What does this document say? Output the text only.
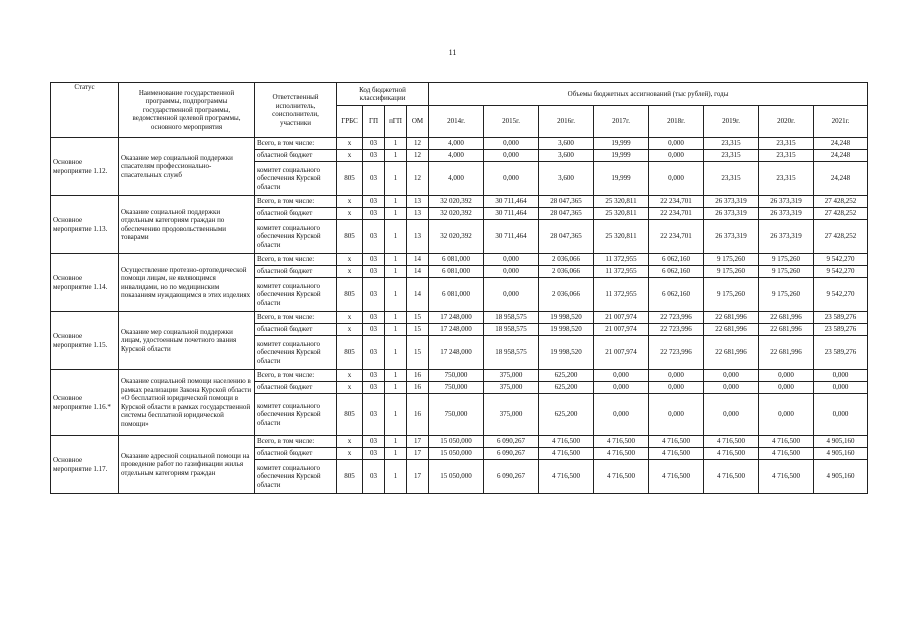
11
Статус	Наименование государственной программы, подпрограммы государственной программы, ведомственной целевой программы, основного мероприятия	Ответственный исполнитель, соисполнители, участники	Код бюджетной классификации				Объемы бюджетных ассигнований (тыс рублей), годы							
			ГРБС	ГП	пГП	ОМ	2014г.	2015г.	2016г.	2017г.	2018г.	2019г.	2020г.	2021г.
Основное мероприятие 1.12.	Оказание мер социальной поддержки спасателям профессионально-спасательных служб	Всего, в том числе:	x	03	1	12	4,000	0,000	3,600	19,999	0,000	23,315	23,315	24,248
		областной бюджет	x	03	1	12	4,000	0,000	3,600	19,999	0,000	23,315	23,315	24,248
		комитет социального обеспечения Курской области	805	03	1	12	4,000	0,000	3,600	19,999	0,000	23,315	23,315	24,248
Основное мероприятие 1.13.	Оказание социальной поддержки отдельным категориям граждан по обеспечению продовольственными товарами	Всего, в том числе:	x	03	1	13	32 020,392	30 711,464	28 047,365	25 320,811	22 234,701	26 373,319	26 373,319	27 428,252
		областной бюджет	x	03	1	13	32 020,392	30 711,464	28 047,365	25 320,811	22 234,701	26 373,319	26 373,319	27 428,252
		комитет социального обеспечения Курской области	805	03	1	13	32 020,392	30 711,464	28 047,365	25 320,811	22 234,701	26 373,319	26 373,319	27 428,252
Основное мероприятие 1.14.	Осуществление протезно-ортопедической помощи лицам, не являющимся инвалидами, но по медицинским показаниям нуждающимся в этих изделиях	Всего, в том числе:	x	03	1	14	6 081,000	0,000	2 036,066	11 372,955	6 062,160	9 175,260	9 175,260	9 542,270
		областной бюджет	x	03	1	14	6 081,000	0,000	2 036,066	11 372,955	6 062,160	9 175,260	9 175,260	9 542,270
		комитет социального обеспечения Курской области	805	03	1	14	6 081,000	0,000	2 036,066	11 372,955	6 062,160	9 175,260	9 175,260	9 542,270
Основное мероприятие 1.15.	Оказание мер социальной поддержки лицам, удостоенным почетного звания Курской области	Всего, в том числе:	x	03	1	15	17 248,000	18 958,575	19 998,520	21 007,974	22 723,996	22 681,996	22 681,996	23 589,276
		областной бюджет	x	03	1	15	17 248,000	18 958,575	19 998,520	21 007,974	22 723,996	22 681,996	22 681,996	23 589,276
		комитет социального обеспечения Курской области	805	03	1	15	17 248,000	18 958,575	19 998,520	21 007,974	22 723,996	22 681,996	22 681,996	23 589,276
Основное мероприятие 1.16.*	Оказание социальной помощи населению в рамках реализации Закона Курской области «О бесплатной юридической помощи в Курской области в рамках государственной системы бесплатной юридической помощи»	Всего, в том числе:	x	03	1	16	750,000	375,000	625,200	0,000	0,000	0,000	0,000	0,000
		областной бюджет	x	03	1	16	750,000	375,000	625,200	0,000	0,000	0,000	0,000	0,000
		комитет социального обеспечения Курской области	805	03	1	16	750,000	375,000	625,200	0,000	0,000	0,000	0,000	0,000
Основное мероприятие 1.17.	Оказание адресной социальной помощи на проведение работ по газификации жилья отдельным категориям граждан	Всего, в том числе:	x	03	1	17	15 050,000	6 090,267	4 716,500	4 716,500	4 716,500	4 716,500	4 716,500	4 905,160
		областной бюджет	x	03	1	17	15 050,000	6 090,267	4 716,500	4 716,500	4 716,500	4 716,500	4 716,500	4 905,160
		комитет социального обеспечения Курской области	805	03	1	17	15 050,000	6 090,267	4 716,500	4 716,500	4 716,500	4 716,500	4 716,500	4 905,160
